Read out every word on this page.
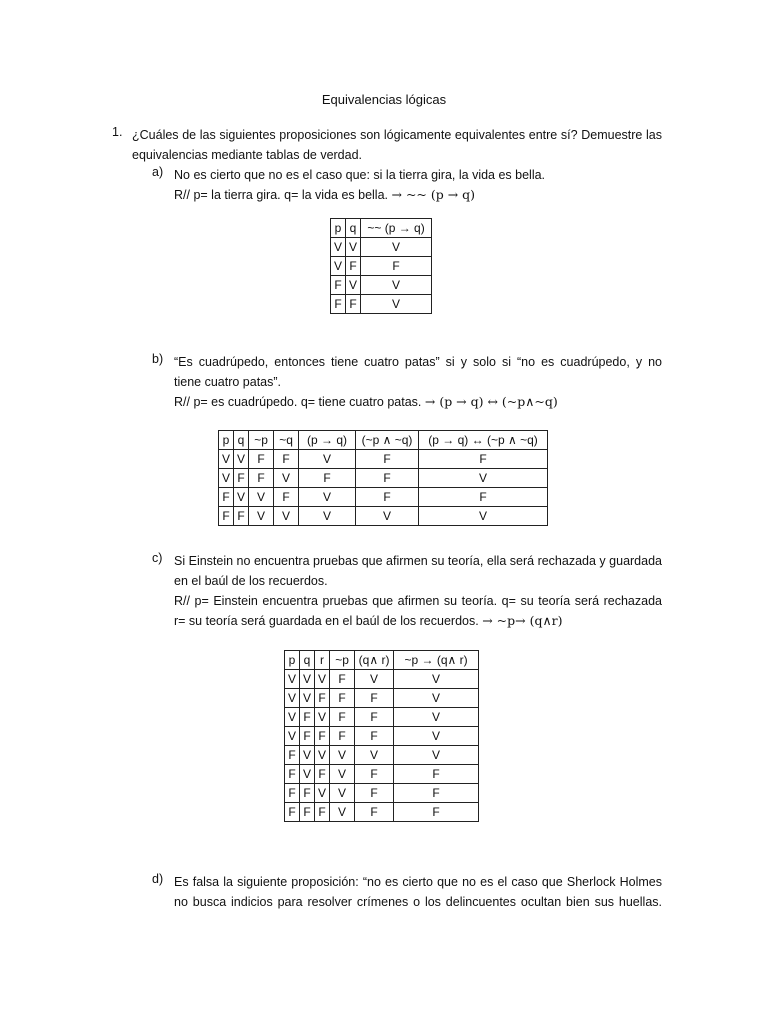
Equivalencias lógicas
1. ¿Cuáles de las siguientes proposiciones son lógicamente equivalentes entre sí? Demuestre las
equivalencias mediante tablas de verdad.
a) No es cierto que no es el caso que: si la tierra gira, la vida es bella.
R// p= la tierra gira. q= la vida es bella. → ~~ (p → q)
p	q	~~ (p → q)
V	V	V
V	F	F
F	V	V
F	F	V
b) “Es cuadrúpedo, entonces tiene cuatro patas” si y solo si “no es cuadrúpedo, y no
tiene cuatro patas”.
R// p= es cuadrúpedo. q= tiene cuatro patas. → (p → q) ↔ (~p∧~q)
p	q	~p	~q	(p → q)	(~p ∧ ~q)	(p → q) ↔ (~p ∧ ~q)
V	V	F	F	V	F	F
V	F	F	V	F	F	V
F	V	V	F	V	F	F
F	F	V	V	V	V	V
c) Si Einstein no encuentra pruebas que afirmen su teoría, ella será rechazada y guardada
en el baúl de los recuerdos.
R// p= Einstein encuentra pruebas que afirmen su teoría. q= su teoría será rechazada
r= su teoría será guardada en el baúl de los recuerdos. → ~p→ (q∧r)
p	q	r	~p	(q∧ r)	~p → (q∧ r)
V	V	V	F	V	V
V	V	F	F	F	V
V	F	V	F	F	V
V	F	F	F	F	V
F	V	V	V	V	V
F	V	F	V	F	F
F	F	V	V	F	F
F	F	F	V	F	F
d) Es falsa la siguiente proposición: “no es cierto que no es el caso que Sherlock Holmes
no busca indicios para resolver crímenes o los delincuentes ocultan bien sus huellas.
